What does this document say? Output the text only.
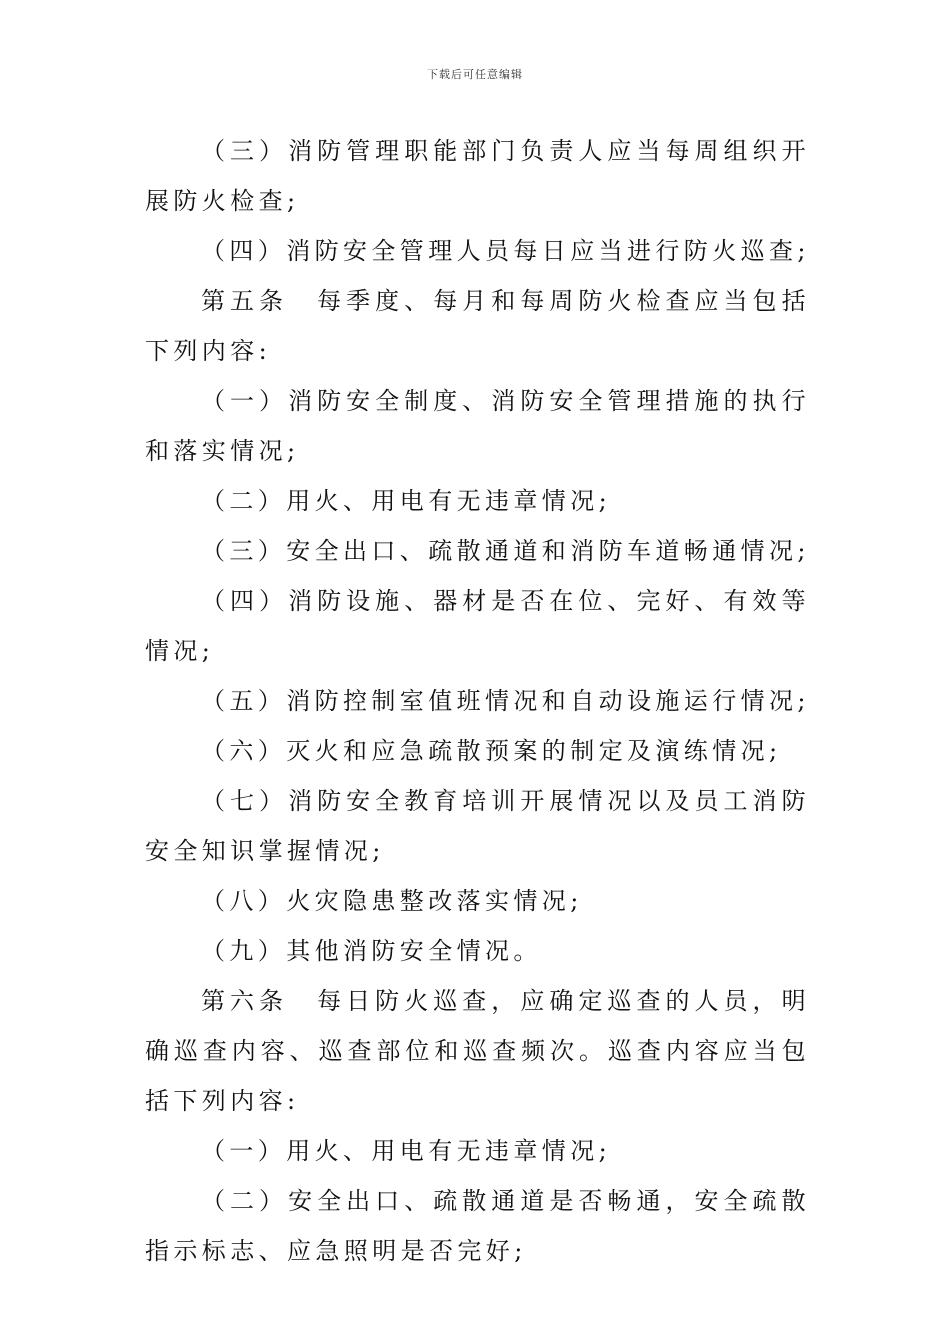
下载后可任意编辑

（三）消防管理职能部门负责人应当每周组织开展防火检查;

（四）消防安全管理人员每日应当进行防火巡查;

第五条　每季度、每月和每周防火检查应当包括下列内容:

（一）消防安全制度、消防安全管理措施的执行和落实情况;

（二）用火、用电有无违章情况;

（三）安全出口、疏散通道和消防车道畅通情况;

（四）消防设施、器材是否在位、完好、有效等情况;

（五）消防控制室值班情况和自动设施运行情况;

（六）灭火和应急疏散预案的制定及演练情况;

（七）消防安全教育培训开展情况以及员工消防安全知识掌握情况;

（八）火灾隐患整改落实情况;

（九）其他消防安全情况。

第六条　每日防火巡查，应确定巡查的人员，明确巡查内容、巡查部位和巡查频次。巡查内容应当包括下列内容:

（一）用火、用电有无违章情况;

（二）安全出口、疏散通道是否畅通，安全疏散指示标志、应急照明是否完好;
